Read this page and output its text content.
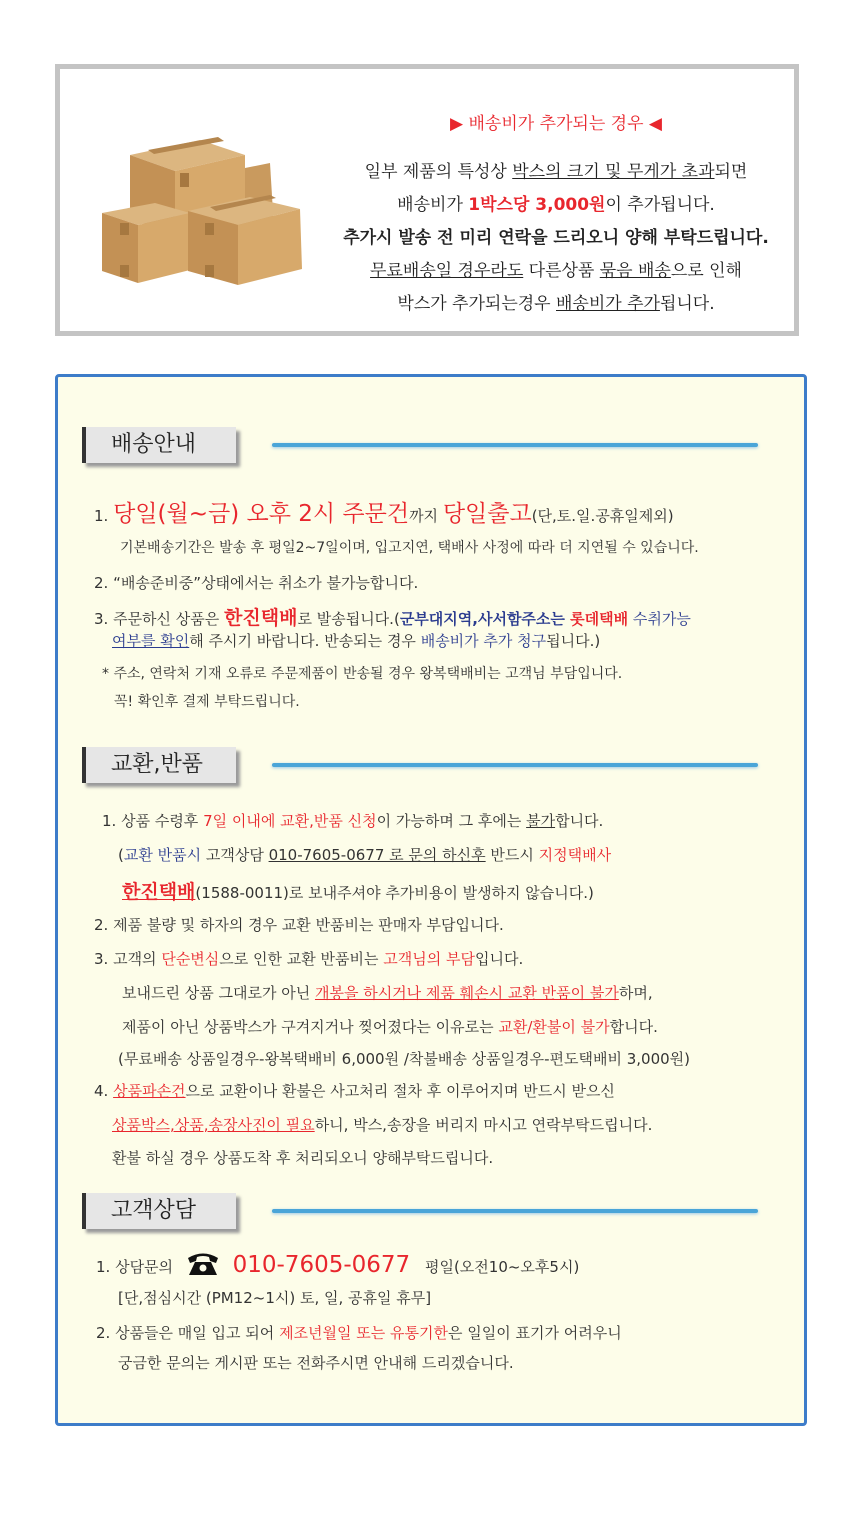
▶ 배송비가 추가되는 경우 ◀
일부 제품의 특성상 박스의 크기 및 무게가 초과되면
배송비가 1박스당 3,000원이 추가됩니다.
추가시 발송 전 미리 연락을 드리오니 양해 부탁드립니다.
무료배송일 경우라도 다른상품 묶음 배송으로 인해
박스가 추가되는경우 배송비가 추가됩니다.
배송안내
1. 당일(월~금) 오후 2시 주문건까지 당일출고(단,토.일.공휴일제외)
기본배송기간은 발송 후 평일2~7일이며, 입고지연, 택배사 사정에 따라 더 지연될 수 있습니다.
2. “배송준비중”상태에서는 취소가 불가능합니다.
3. 주문하신 상품은 한진택배로 발송됩니다.(군부대지역,사서함주소는 롯데택배 수취가능
여부를 확인해 주시기 바랍니다. 반송되는 경우 배송비가 추가 청구됩니다.)
* 주소, 연락처 기재 오류로 주문제품이 반송될 경우 왕복택배비는 고객님 부담입니다.
꼭! 확인후 결제 부탁드립니다.
교환,반품
1. 상품 수령후 7일 이내에 교환,반품 신청이 가능하며 그 후에는 불가합니다.
(교환 반품시 고객상담 010-7605-0677 로 문의 하신후 반드시 지정택배사
한진택배(1588-0011)로 보내주셔야 추가비용이 발생하지 않습니다.)
2. 제품 불량 및 하자의 경우 교환 반품비는 판매자 부담입니다.
3. 고객의 단순변심으로 인한 교환 반품비는 고객님의 부담입니다.
보내드린 상품 그대로가 아닌 개봉을 하시거나 제품 훼손시 교환 반품이 불가하며,
제품이 아닌 상품박스가 구겨지거나 찢어졌다는 이유로는 교환/환불이 불가합니다.
(무료배송 상품일경우-왕복택배비 6,000원 /착불배송 상품일경우-편도택배비 3,000원)
4. 상품파손건으로 교환이나 환불은 사고처리 절차 후 이루어지며 반드시 받으신
상품박스,상품,송장사진이 필요하니, 박스,송장을 버리지 마시고 연락부탁드립니다.
환불 하실 경우 상품도착 후 처리되오니 양해부탁드립니다.
고객상담
1. 상담문의	010-7605-0677 평일(오전10~오후5시)
[단,점심시간 (PM12~1시) 토, 일, 공휴일 휴무]
2. 상품들은 매일 입고 되어 제조년월일 또는 유통기한은 일일이 표기가 어려우니
궁금한 문의는 게시판 또는 전화주시면 안내해 드리겠습니다.
